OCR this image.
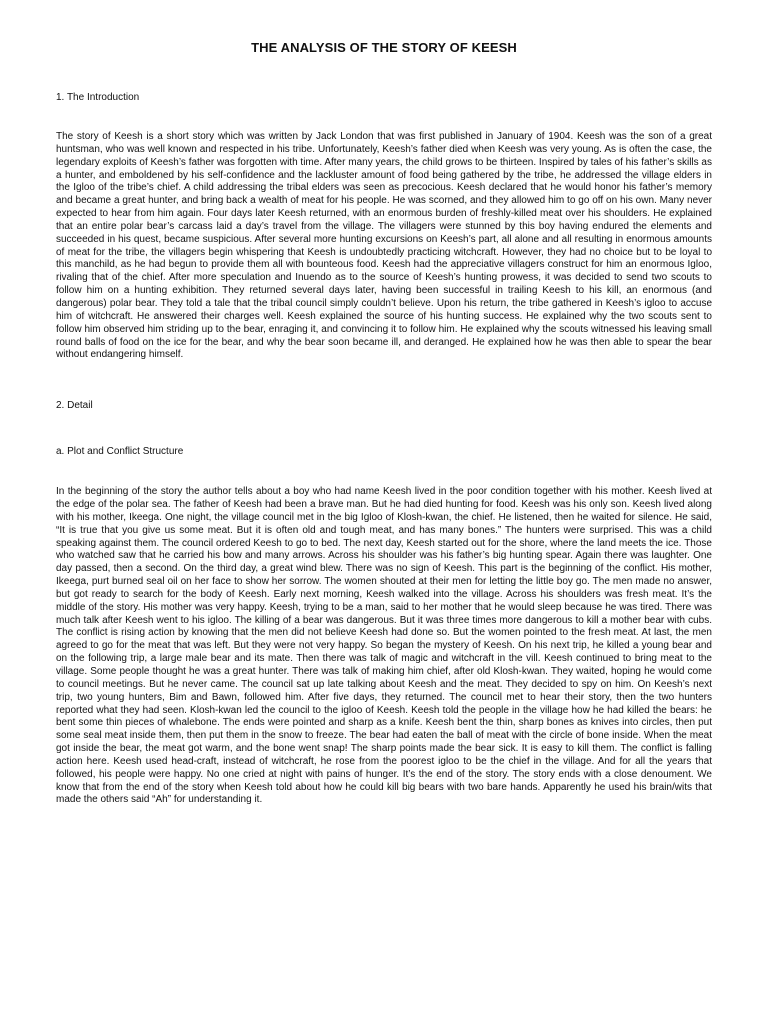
THE ANALYSIS OF THE STORY OF KEESH

1. The Introduction

The story of Keesh is a short story which was written by Jack London that was first published in January of 1904. Keesh was the son of a great huntsman, who was well known and respected in his tribe. Unfortunately, Keesh’s father died when Keesh was very young. As is often the case, the legendary exploits of Keesh’s father was forgotten with time. After many years, the child grows to be thirteen. Inspired by tales of his father’s skills as a hunter, and emboldened by his self-confidence and the lackluster amount of food being gathered by the tribe, he addressed the village elders in the Igloo of the tribe’s chief. A child addressing the tribal elders was seen as precocious. Keesh declared that he would honor his father’s memory and became a great hunter, and bring back a wealth of meat for his people. He was scorned, and they allowed him to go off on his own. Many never expected to hear from him again. Four days later Keesh returned, with an enormous burden of freshly-killed meat over his shoulders. He explained that an entire polar bear’s carcass laid a day’s travel from the village. The villagers were stunned by this boy having endured the elements and succeeded in his quest, became suspicious. After several more hunting excursions on Keesh’s part, all alone and all resulting in enormous amounts of meat for the tribe, the villagers begin whispering that Keesh is undoubtedly practicing witchcraft. However, they had no choice but to be loyal to this manchild, as he had begun to provide them all with bounteous food. Keesh had the appreciative villagers construct for him an enormous Igloo, rivaling that of the chief. After more speculation and Inuendo as to the source of Keesh’s hunting prowess, it was decided to send two scouts to follow him on a hunting exhibition. They returned several days later, having been successful in trailing Keesh to his kill, an enormous (and dangerous) polar bear. They told a tale that the tribal council simply couldn’t believe. Upon his return, the tribe gathered in Keesh’s igloo to accuse him of witchcraft. He answered their charges well. Keesh explained the source of his hunting success. He explained why the two scouts sent to follow him observed him striding up to the bear, enraging it, and convincing it to follow him. He explained why the scouts witnessed his leaving small round balls of food on the ice for the bear, and why the bear soon became ill, and deranged. He explained how he was then able to spear the bear without endangering himself.

2. Detail

a. Plot and Conflict Structure

In the beginning of the story the author tells about a boy who had name Keesh lived in the poor condition together with his mother. Keesh lived at the edge of the polar sea. The father of Keesh had been a brave man. But he had died hunting for food. Keesh was his only son. Keesh lived along with his mother, Ikeega. One night, the village council met in the big Igloo of Klosh-kwan, the chief. He listened, then he waited for silence. He said, “It is true that you give us some meat. But it is often old and tough meat, and has many bones.” The hunters were surprised. This was a child speaking against them. The council ordered Keesh to go to bed. The next day, Keesh started out for the shore, where the land meets the ice. Those who watched saw that he carried his bow and many arrows. Across his shoulder was his father’s big hunting spear. Again there was laughter. One day passed, then a second. On the third day, a great wind blew. There was no sign of Keesh. This part is the beginning of the conflict. His mother, Ikeega, purt burned seal oil on her face to show her sorrow. The women shouted at their men for letting the little boy go. The men made no answer, but got ready to search for the body of Keesh. Early next morning, Keesh walked into the village. Across his shoulders was fresh meat. It’s the middle of the story. His mother was very happy. Keesh, trying to be a man, said to her mother that he would sleep because he was tired. There was much talk after Keesh went to his igloo. The killing of a bear was dangerous. But it was three times more dangerous to kill a mother bear with cubs. The conflict is rising action by knowing that the men did not believe Keesh had done so. But the women pointed to the fresh meat. At last, the men agreed to go for the meat that was left. But they were not very happy. So began the mystery of Keesh. On his next trip, he killed a young bear and on the following trip, a large male bear and its mate. Then there was talk of magic and witchcraft in the vill. Keesh continued to bring meat to the village. Some people thought he was a great hunter. There was talk of making him chief, after old Klosh-kwan. They waited, hoping he would come to council meetings. But he never came. The council sat up late talking about Keesh and the meat. They decided to spy on him. On Keesh’s next trip, two young hunters, Bim and Bawn, followed him. After five days, they returned. The council met to hear their story, then the two hunters reported what they had seen. Klosh-kwan led the council to the igloo of Keesh. Keesh told the people in the village how he had killed the bears: he bent some thin pieces of whalebone. The ends were pointed and sharp as a knife. Keesh bent the thin, sharp bones as knives into circles, then put some seal meat inside them, then put them in the snow to freeze. The bear had eaten the ball of meat with the circle of bone inside. When the meat got inside the bear, the meat got warm, and the bone went snap! The sharp points made the bear sick. It is easy to kill them. The conflict is falling action here. Keesh used head-craft, instead of witchcraft, he rose from the poorest igloo to be the chief in the village. And for all the years that followed, his people were happy. No one cried at night with pains of hunger. It’s the end of the story. The story ends with a close denoument. We know that from the end of the story when Keesh told about how he could kill big bears with two bare hands. Apparently he used his brain/wits that made the others said “Ah” for understanding it.
